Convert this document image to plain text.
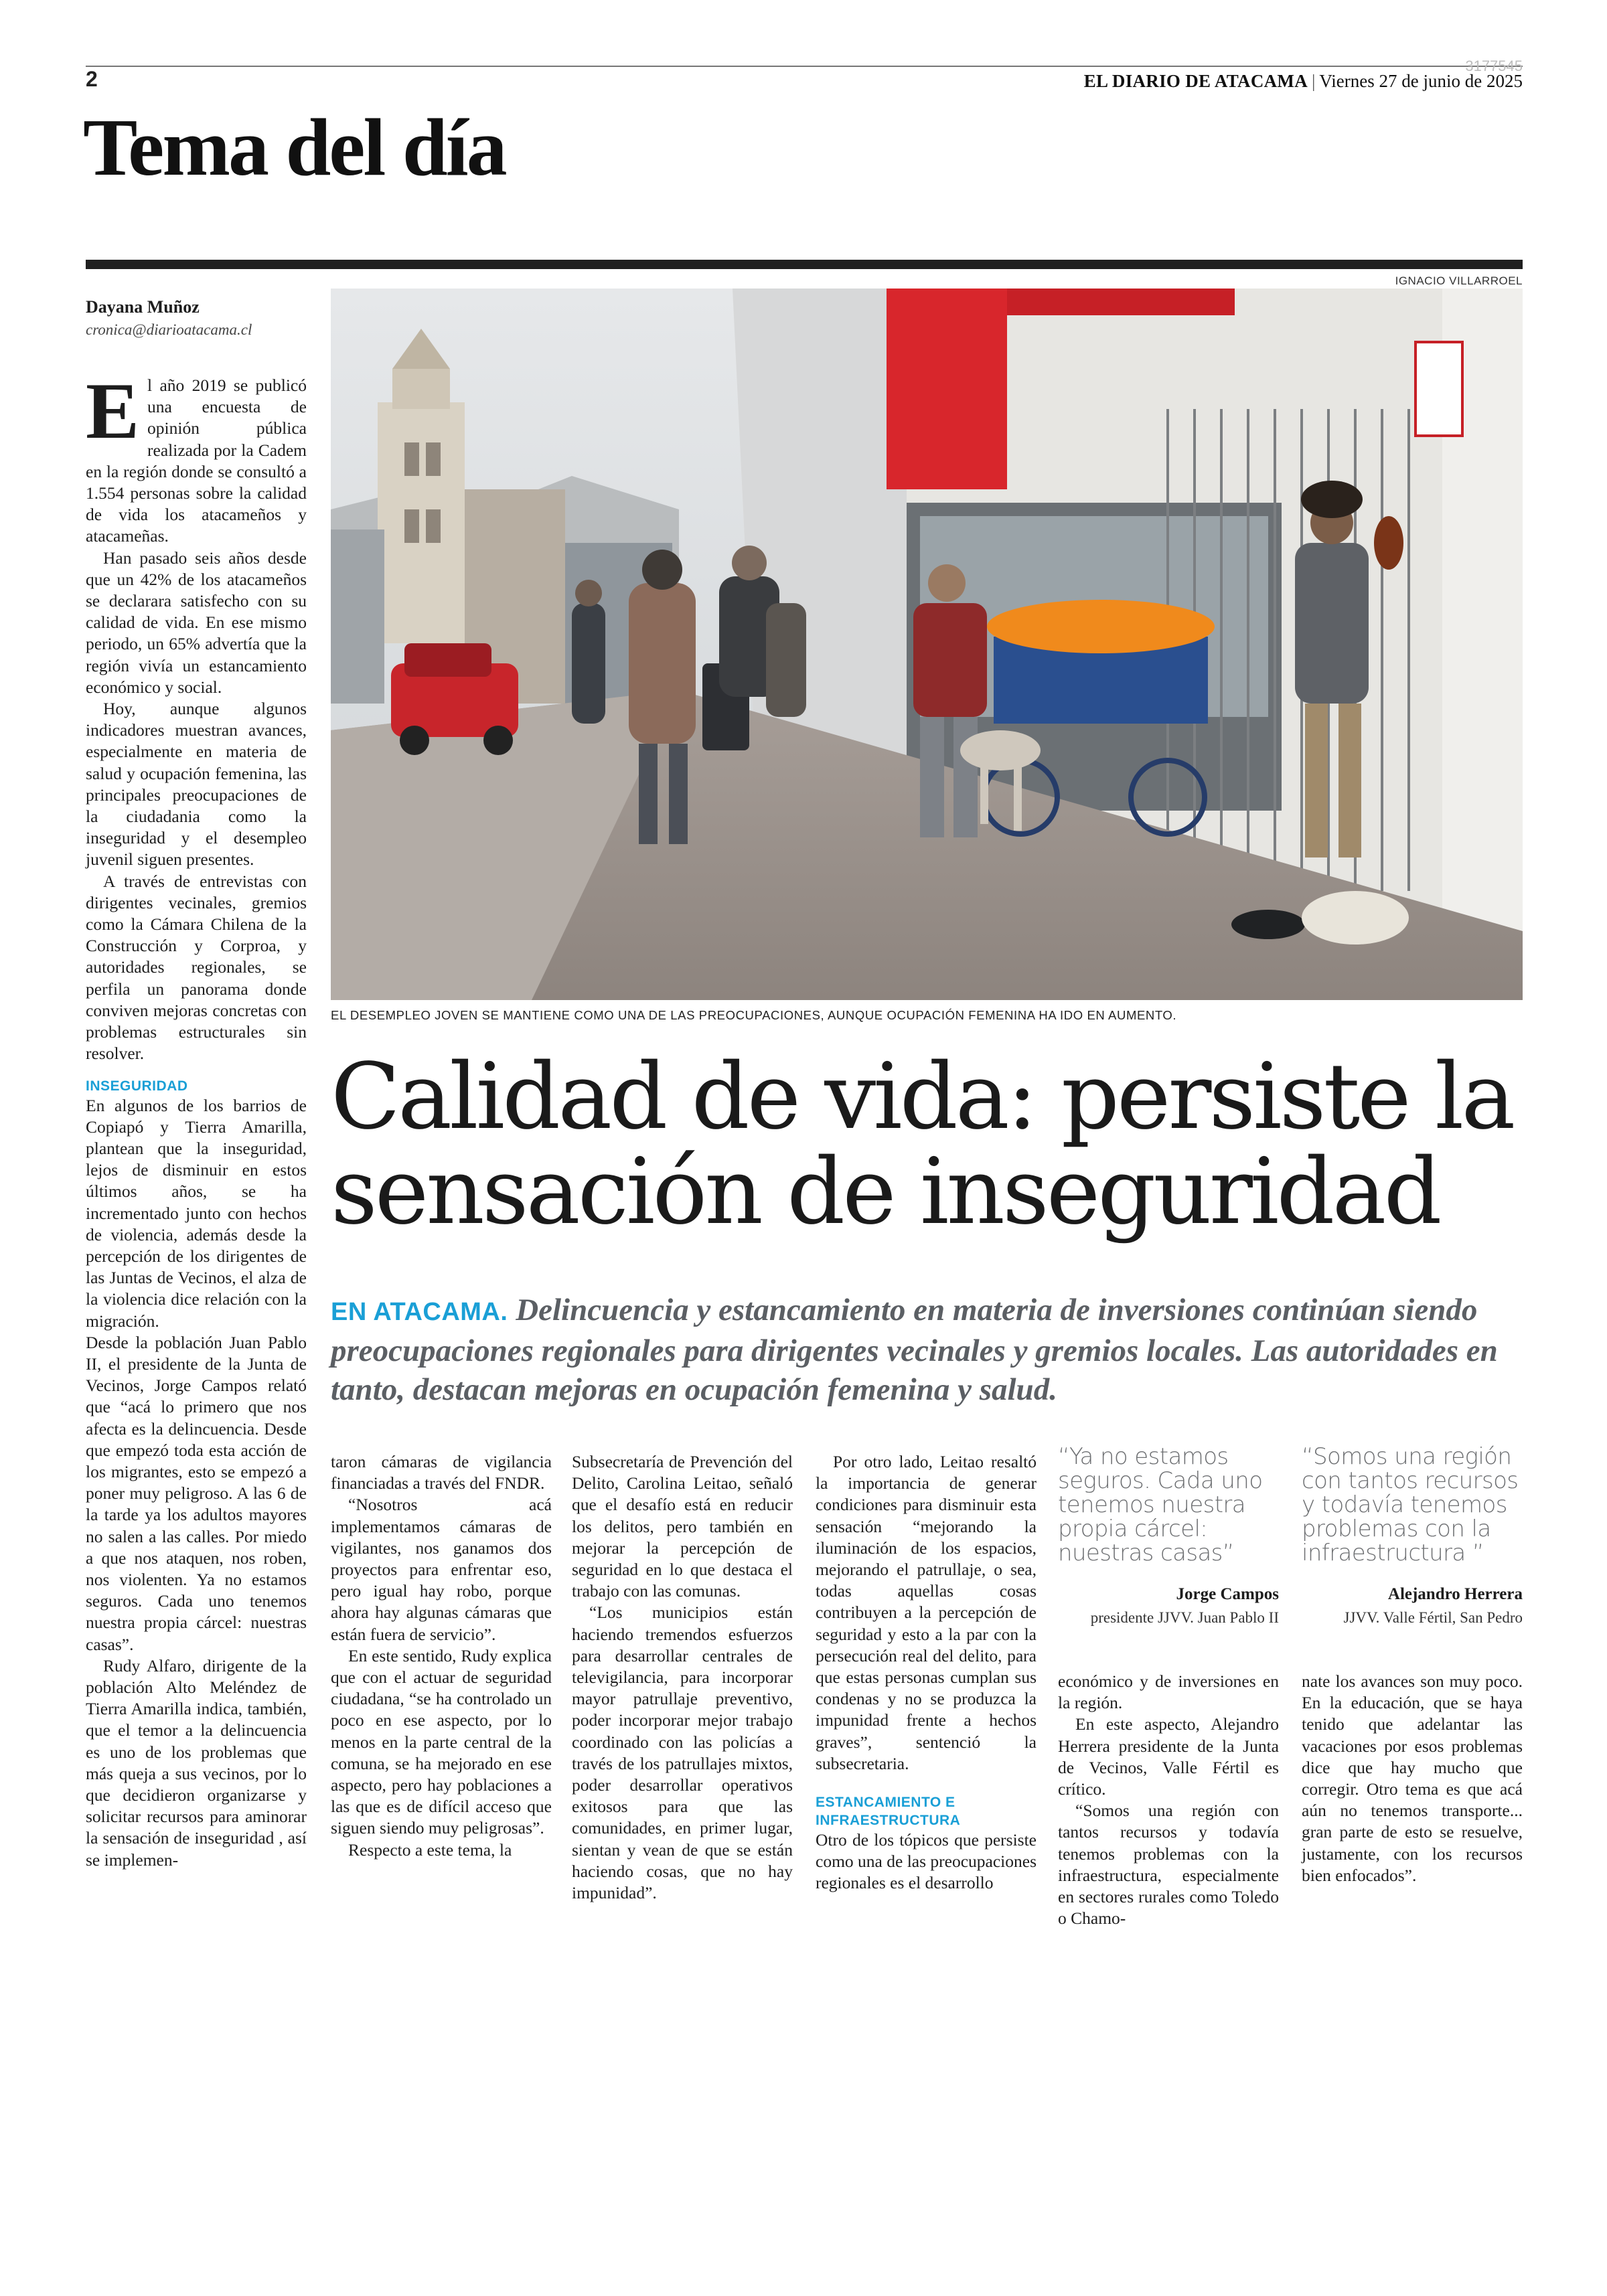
2
3177545
EL DIARIO DE ATACAMA | Viernes 27 de junio de 2025
Tema del día
IGNACIO VILLARROEL
Dayana Muñoz
cronica@diarioatacama.cl

El año 2019 se publicó una encuesta de opinión pública realizada por la Cadem en la región donde se consultó a 1.554 personas sobre la calidad de vida los atacameños y atacameñas.

Han pasado seis años desde que un 42% de los atacameños se declarara satisfecho con su calidad de vida. En ese mismo periodo, un 65% advertía que la región vivía un estancamiento económico y social.

Hoy, aunque algunos indicadores muestran avances, especialmente en materia de salud y ocupación femenina, las principales preocupaciones de la ciudadania como la inseguridad y el desempleo juvenil siguen presentes.

A través de entrevistas con dirigentes vecinales, gremios como la Cámara Chilena de la Construcción y Corproa, y autoridades regionales, se perfila un panorama donde conviven mejoras concretas con problemas estructurales sin resolver.

INSEGURIDAD

En algunos de los barrios de Copiapó y Tierra Amarilla, plantean que la inseguridad, lejos de disminuir en estos últimos años, se ha incrementado junto con hechos de violencia, además desde la percepción de los dirigentes de las Juntas de Vecinos, el alza de la violencia dice relación con la migración.

Desde la población Juan Pablo II, el presidente de la Junta de Vecinos, Jorge Campos relató que “acá lo primero que nos afecta es la delincuencia. Desde que empezó toda esta acción de los migrantes, esto se empezó a poner muy peligroso. A las 6 de la tarde ya los adultos mayores no salen a las calles. Por miedo a que nos ataquen, nos roben, nos violenten. Ya no estamos seguros. Cada uno tenemos nuestra propia cárcel: nuestras casas”.

Rudy Alfaro, dirigente de la población Alto Meléndez de Tierra Amarilla indica, también, que el temor a la delincuencia es uno de los problemas que más queja a sus vecinos, por lo que decidieron organizarse y solicitar recursos para aminorar la sensación de inseguridad , así se implemen-

EL DESEMPLEO JOVEN SE MANTIENE COMO UNA DE LAS PREOCUPACIONES, AUNQUE OCUPACIÓN FEMENINA HA IDO EN AUMENTO.
Calidad de vida: persiste la
sensación de inseguridad
EN ATACAMA. Delincuencia y estancamiento en materia de inversiones continúan siendo preocupaciones regionales para dirigentes vecinales y gremios locales. Las autoridades en tanto, destacan mejoras en ocupación femenina y salud.

taron cámaras de vigilancia financiadas a través del FNDR.

“Nosotros acá implementamos cámaras de vigilantes, nos ganamos dos proyectos para enfrentar eso, pero igual hay robo, porque ahora hay algunas cámaras que están fuera de servicio”.

En este sentido, Rudy explica que con el actuar de seguridad ciudadana, “se ha controlado un poco en ese aspecto, por lo menos en la parte central de la comuna, se ha mejorado en ese aspecto, pero hay poblaciones a las que es de difícil acceso que siguen siendo muy peligrosas”.

Respecto a este tema, la

Subsecretaría de Prevención del Delito, Carolina Leitao, señaló que el desafío está en reducir los delitos, pero también en mejorar la percepción de seguridad en lo que destaca el trabajo con las comunas.

“Los municipios están haciendo tremendos esfuerzos para desarrollar centrales de televigilancia, para incorporar mayor patrullaje preventivo, poder incorporar mejor trabajo coordinado con las policías a través de los patrullajes mixtos, poder desarrollar operativos exitosos para que las comunidades, en primer lugar, sientan y vean de que se están haciendo cosas, que no hay impunidad”.

Por otro lado, Leitao resaltó la importancia de generar condiciones para disminuir esta sensación “mejorando la iluminación de los espacios, mejorando el patrullaje, o sea, todas aquellas cosas contribuyen a la percepción de seguridad y esto a la par con la persecución real del delito, para que estas personas cumplan sus condenas y no se produzca la impunidad frente a hechos graves”, sentenció la subsecretaria.

ESTANCAMIENTO E
INFRAESTRUCTURA

Otro de los tópicos que persiste como una de las preocupaciones regionales es el desarrollo

“Ya no estamos seguros. Cada uno tenemos nuestra propia cárcel: nuestras casas”
Jorge Campos
presidente JJVV. Juan Pablo II

económico y de inversiones en la región.

En este aspecto, Alejandro Herrera presidente de la Junta de Vecinos, Valle Fértil es crítico.

“Somos una región con tantos recursos y todavía tenemos problemas con la infraestructura, especialmente en sectores rurales como Toledo o Chamo-

“Somos una región con tantos recursos y todavía tenemos problemas con la infraestructura ”
Alejandro Herrera
JJVV. Valle Fértil, San Pedro

nate los avances son muy poco. En la educación, que se haya tenido que adelantar las vacaciones por esos problemas dice que hay mucho que corregir. Otro tema es que acá aún no tenemos transporte... gran parte de esto se resuelve, justamente, con los recursos bien enfocados”.
